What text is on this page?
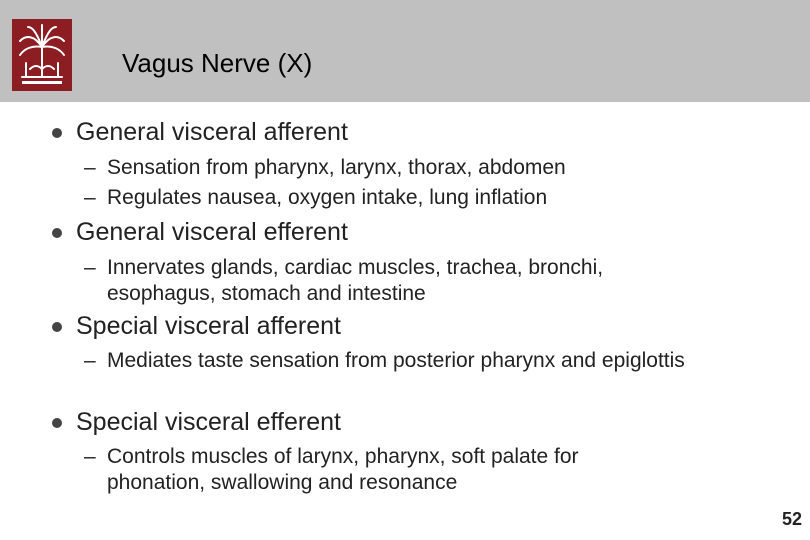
Vagus Nerve (X)
General visceral afferent
– Sensation from pharynx, larynx, thorax, abdomen
– Regulates nausea, oxygen intake, lung inflation
General visceral efferent
– Innervates glands, cardiac muscles, trachea, bronchi, esophagus, stomach and intestine
Special visceral afferent
– Mediates taste sensation from posterior pharynx and epiglottis
Special visceral efferent
– Controls muscles of larynx, pharynx, soft palate for phonation, swallowing and resonance
52
